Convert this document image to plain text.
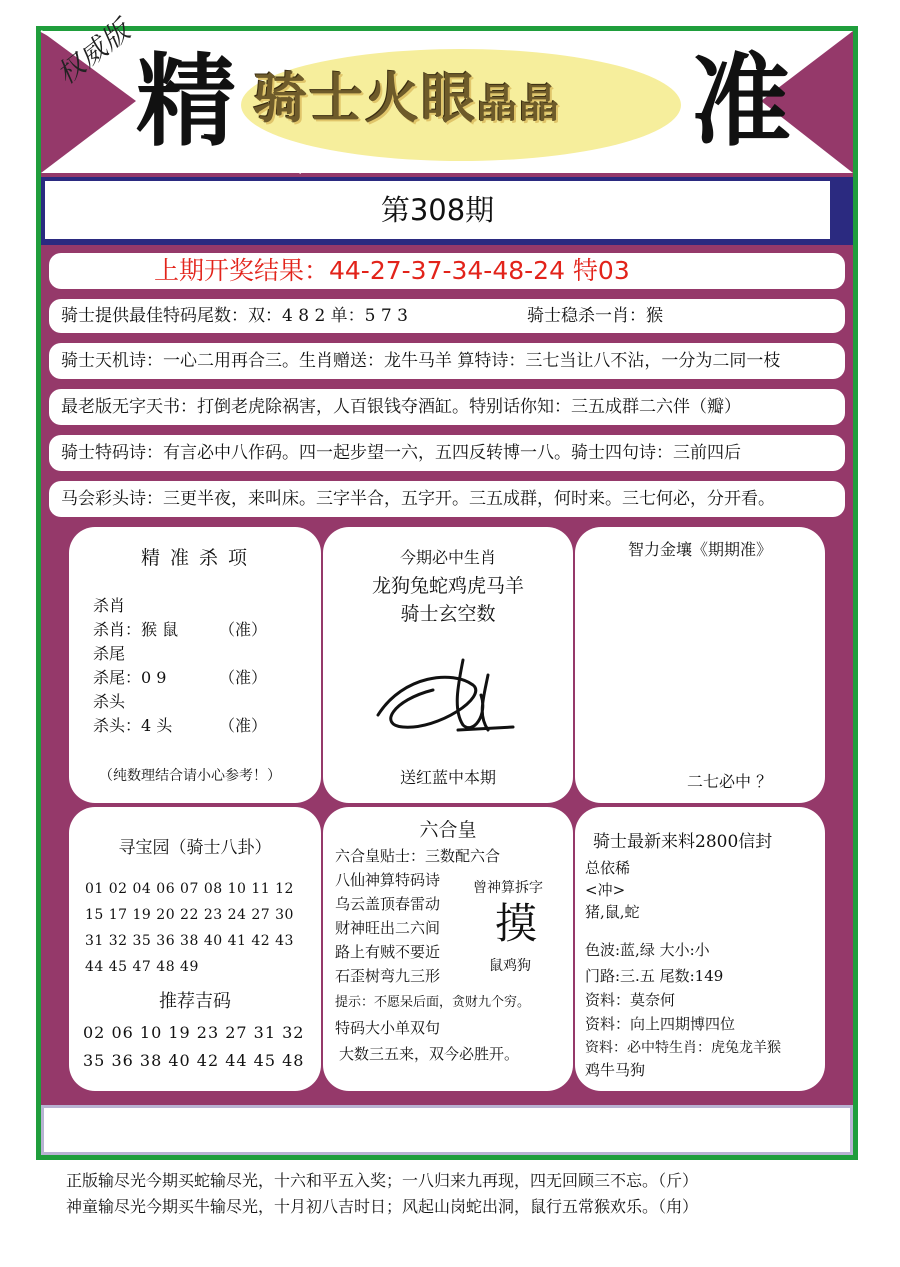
权威版 精 骑士火眼晶晶 准
第308期
上期开奖结果：44-27-37-34-48-24 特03
骑士提供最佳特码尾数：双：4 8 2 单：5 7 3	骑士稳杀一肖：猴
骑士天机诗：一心二用再合三。生肖赠送：龙牛马羊 算特诗：三七当让八不沾，一分为二同一枝
最老版无字天书：打倒老虎除祸害，人百银钱夺酒缸。特别话你知：三五成群二六伴（瓣）
骑士特码诗：有言必中八作码。四一起步望一六，五四反转博一八。骑士四句诗：三前四后
马会彩头诗：三更半夜，来叫床。三字半合，五字开。三五成群，何时来。三七何必，分开看。
精 准 杀 项
杀肖
杀肖：猴 鼠	（准）
杀尾
杀尾：0 9	（准）
杀头
杀头：4 头	（准）
（纯数理结合请小心参考！）
今期必中生肖
龙狗兔蛇鸡虎马羊
骑士玄空数
送红蓝中本期
智力金壤《期期准》
二七必中 ？
寻宝园（骑士八卦）
01 02 04 06 07 08 10 11 12
15 17 19 20 22 23 24 27 30
31 32 35 36 38 40 41 42 43
44 45 47 48 49
推荐吉码
02 06 10 19 23 27 31 32
35 36 38 40 42 44 45 48
六合皇
六合皇贴士：三数配六合
八仙神算特码诗
乌云盖顶春雷动
财神旺出二六间
路上有贼不要近
石歪树弯九三形
提示：不愿呆后面，贪财九个穷。
特码大小单双句
大数三五来，双今必胜开。
曾神算拆字
摸
鼠鸡狗
骑士最新来料2800信封
总依稀
<冲>
猪,鼠,蛇
色波:蓝,绿 大小:小
门路:三.五 尾数:149
资料：莫奈何
资料：向上四期博四位
资料：必中特生肖：虎兔龙羊猴
鸡牛马狗
正版输尽光今期买蛇输尽光，十六和平五入奖；一八归来九再现，四无回顾三不忘。（斤）
神童输尽光今期买牛输尽光，十月初八吉时日；风起山岗蛇出洞，鼠行五常猴欢乐。（甪）
